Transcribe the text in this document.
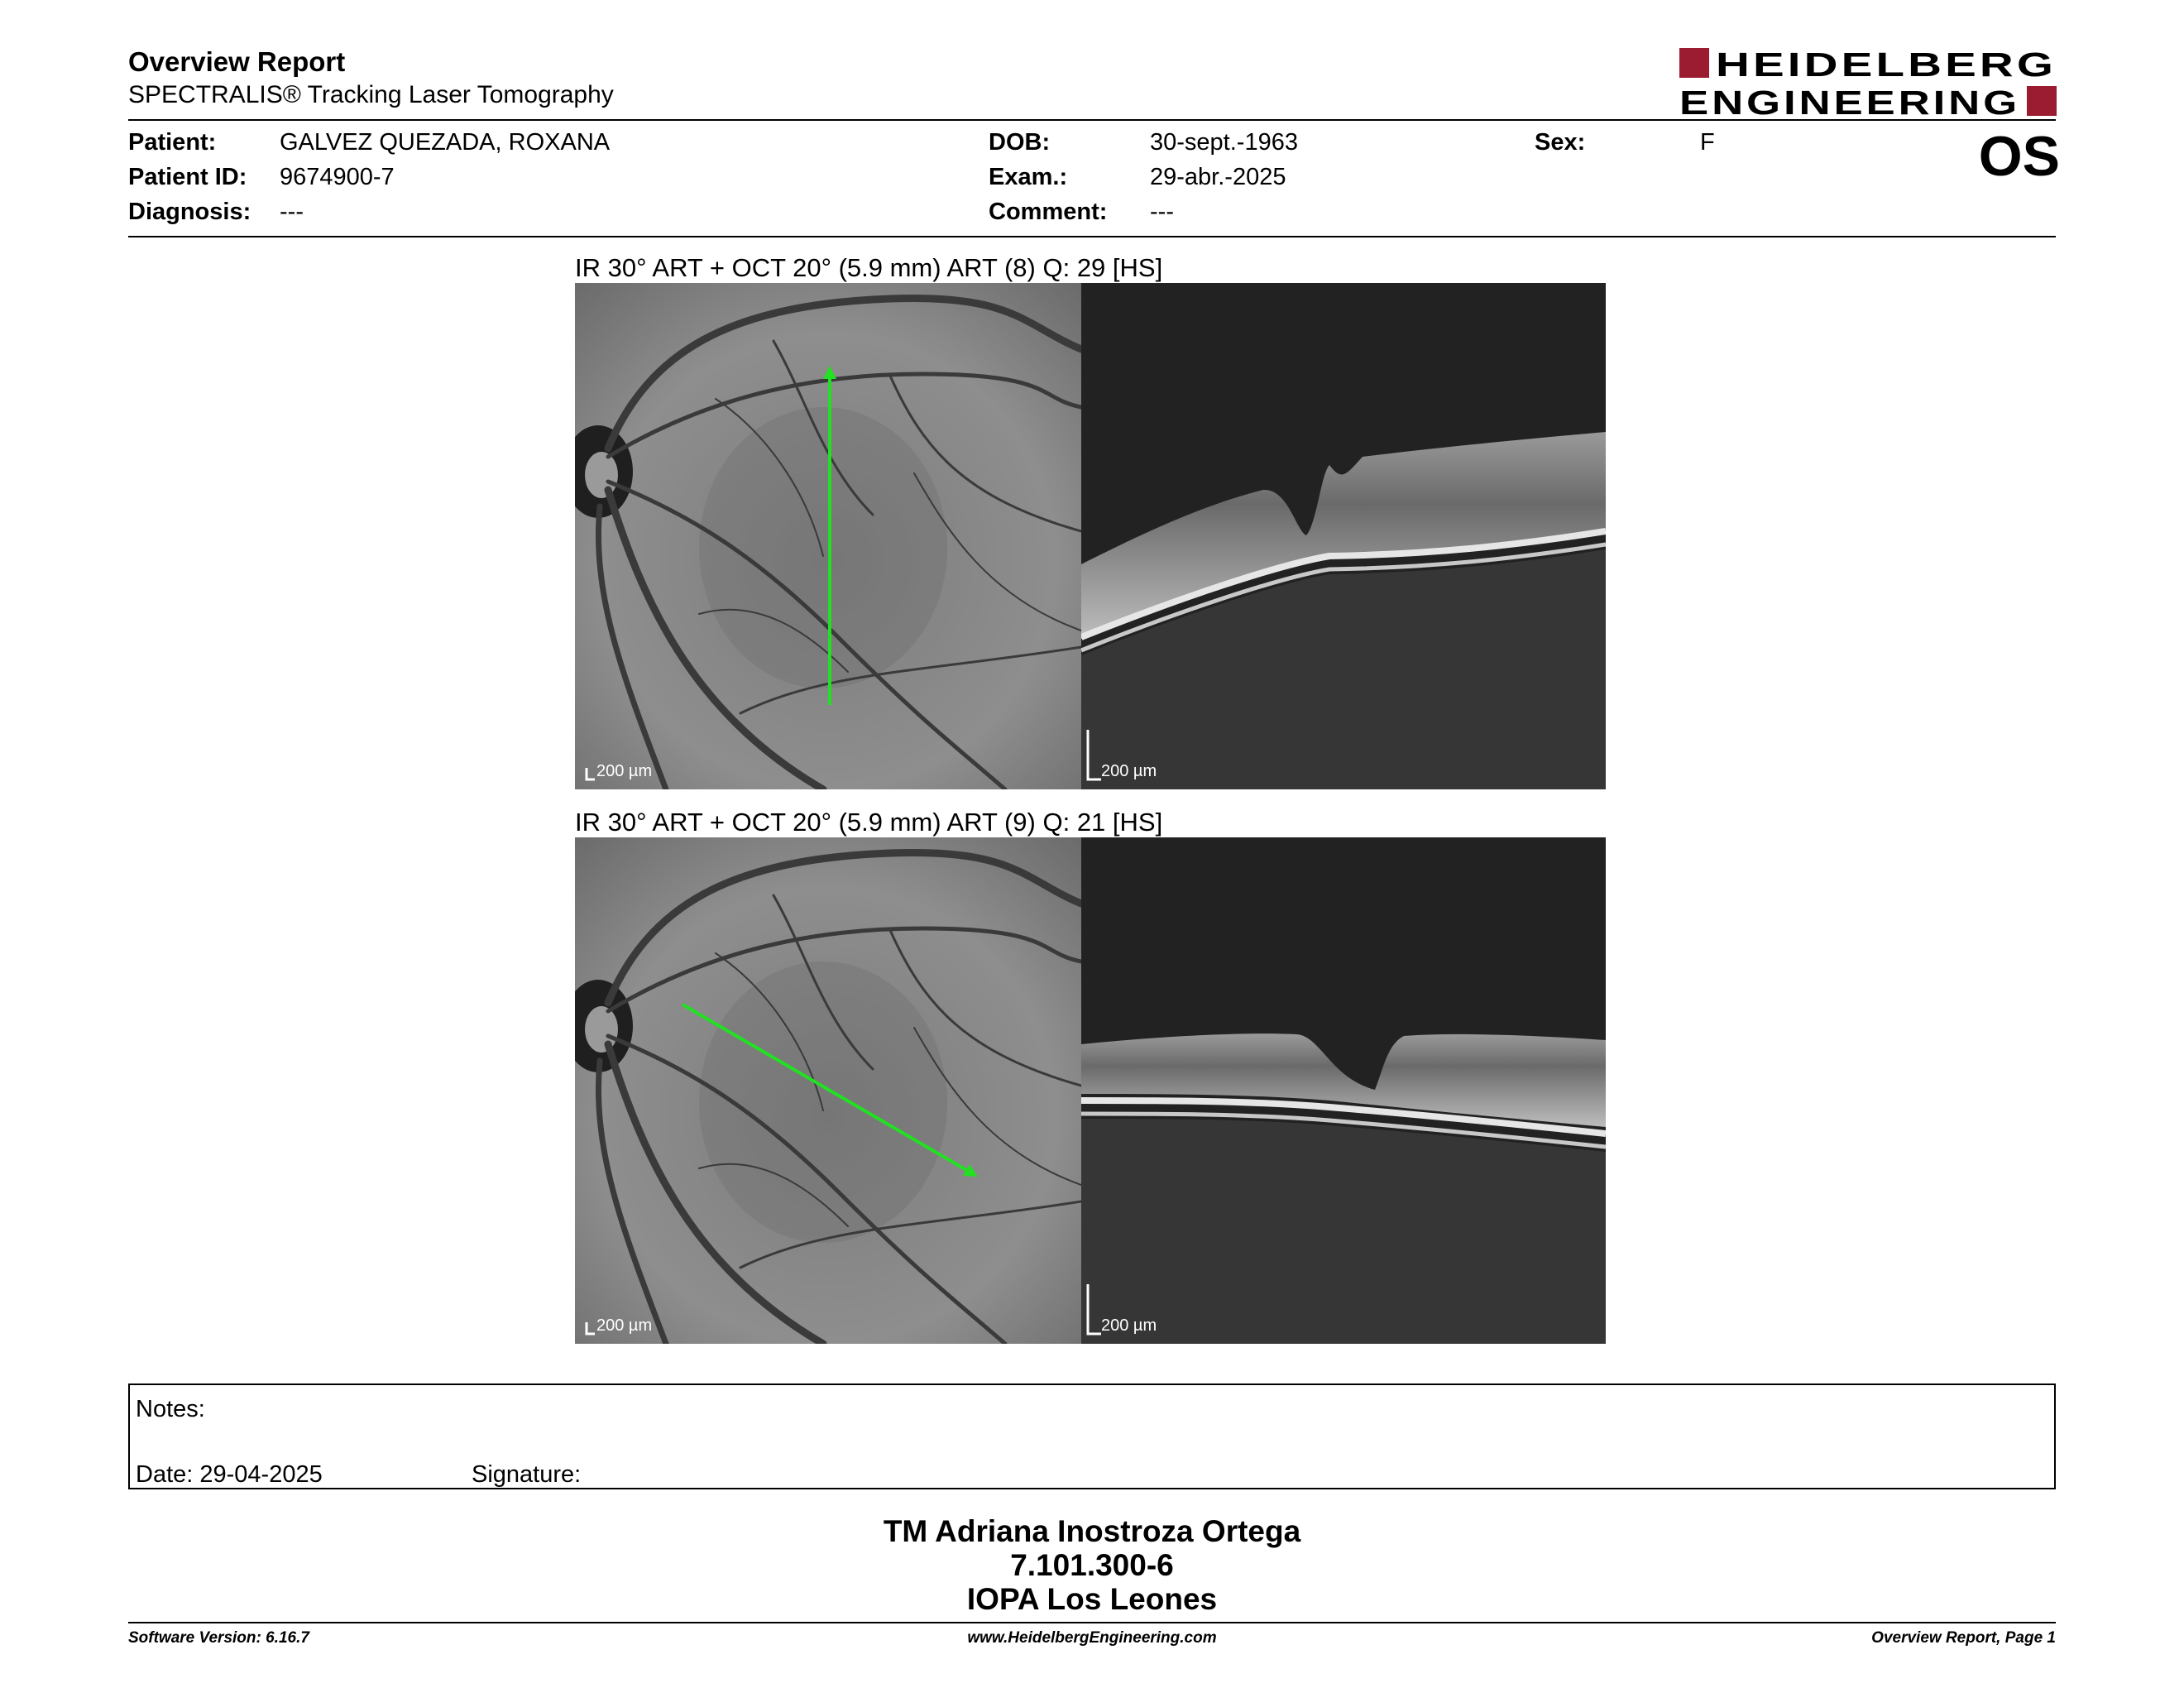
Overview Report
SPECTRALIS® Tracking Laser Tomography
HEIDELBERG
ENGINEERING
Patient:	GALVEZ QUEZADA, ROXANA
Patient ID: 9674900-7
Diagnosis: ---
DOB:	30-sept.-1963
Exam.:	29-abr.-2025
Comment: ---
Sex:	F	OS
IR 30° ART + OCT 20° (5.9 mm) ART (8) Q: 29 [HS]
200 µm	200 µm
IR 30° ART + OCT 20° (5.9 mm) ART (9) Q: 21 [HS]
200 µm	200 µm
Notes:
Date: 29-04-2025	Signature:
TM Adriana Inostroza Ortega
7.101.300-6
IOPA Los Leones
Software Version: 6.16.7	www.HeidelbergEngineering.com	Overview Report, Page 1
